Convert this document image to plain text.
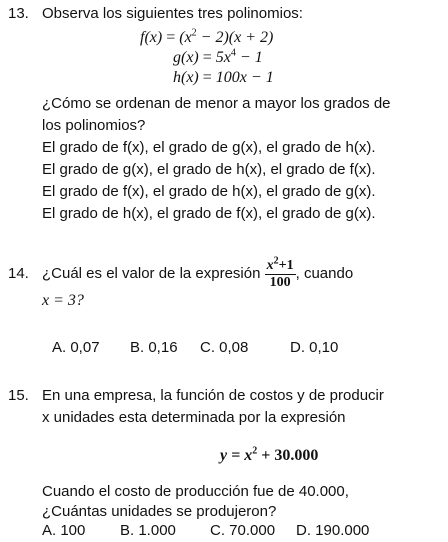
13. Observa los siguientes tres polinomios:
$f(x) = (x^2 - 2)(x + 2)$
$g(x) = 5x^4 - 1$
h(x) = 100x − 1
¿Cómo se ordenan de menor a mayor los grados de
los polinomios?
El grado de f(x), el grado de g(x), el grado de h(x).
El grado de g(x), el grado de h(x), el grado de f(x).
El grado de f(x), el grado de h(x), el grado de g(x).
El grado de h(x), el grado de f(x), el grado de g(x).
14. ¿Cuál es el valor de la expresión $\frac{x^2+1}{100}$ , cuando
x = 3?
A. 0,07 B. 0,16 C. 0,08	D. 0,10
15. En una empresa, la función de costos y de producir
x unidades esta determinada por la expresión
$y = x^2 + 30.000$
Cuando el costo de producción fue de 40.000,
¿Cuántas unidades se produjeron?
A. 100 B. 1.000 C. 70.000 D. 190.000
